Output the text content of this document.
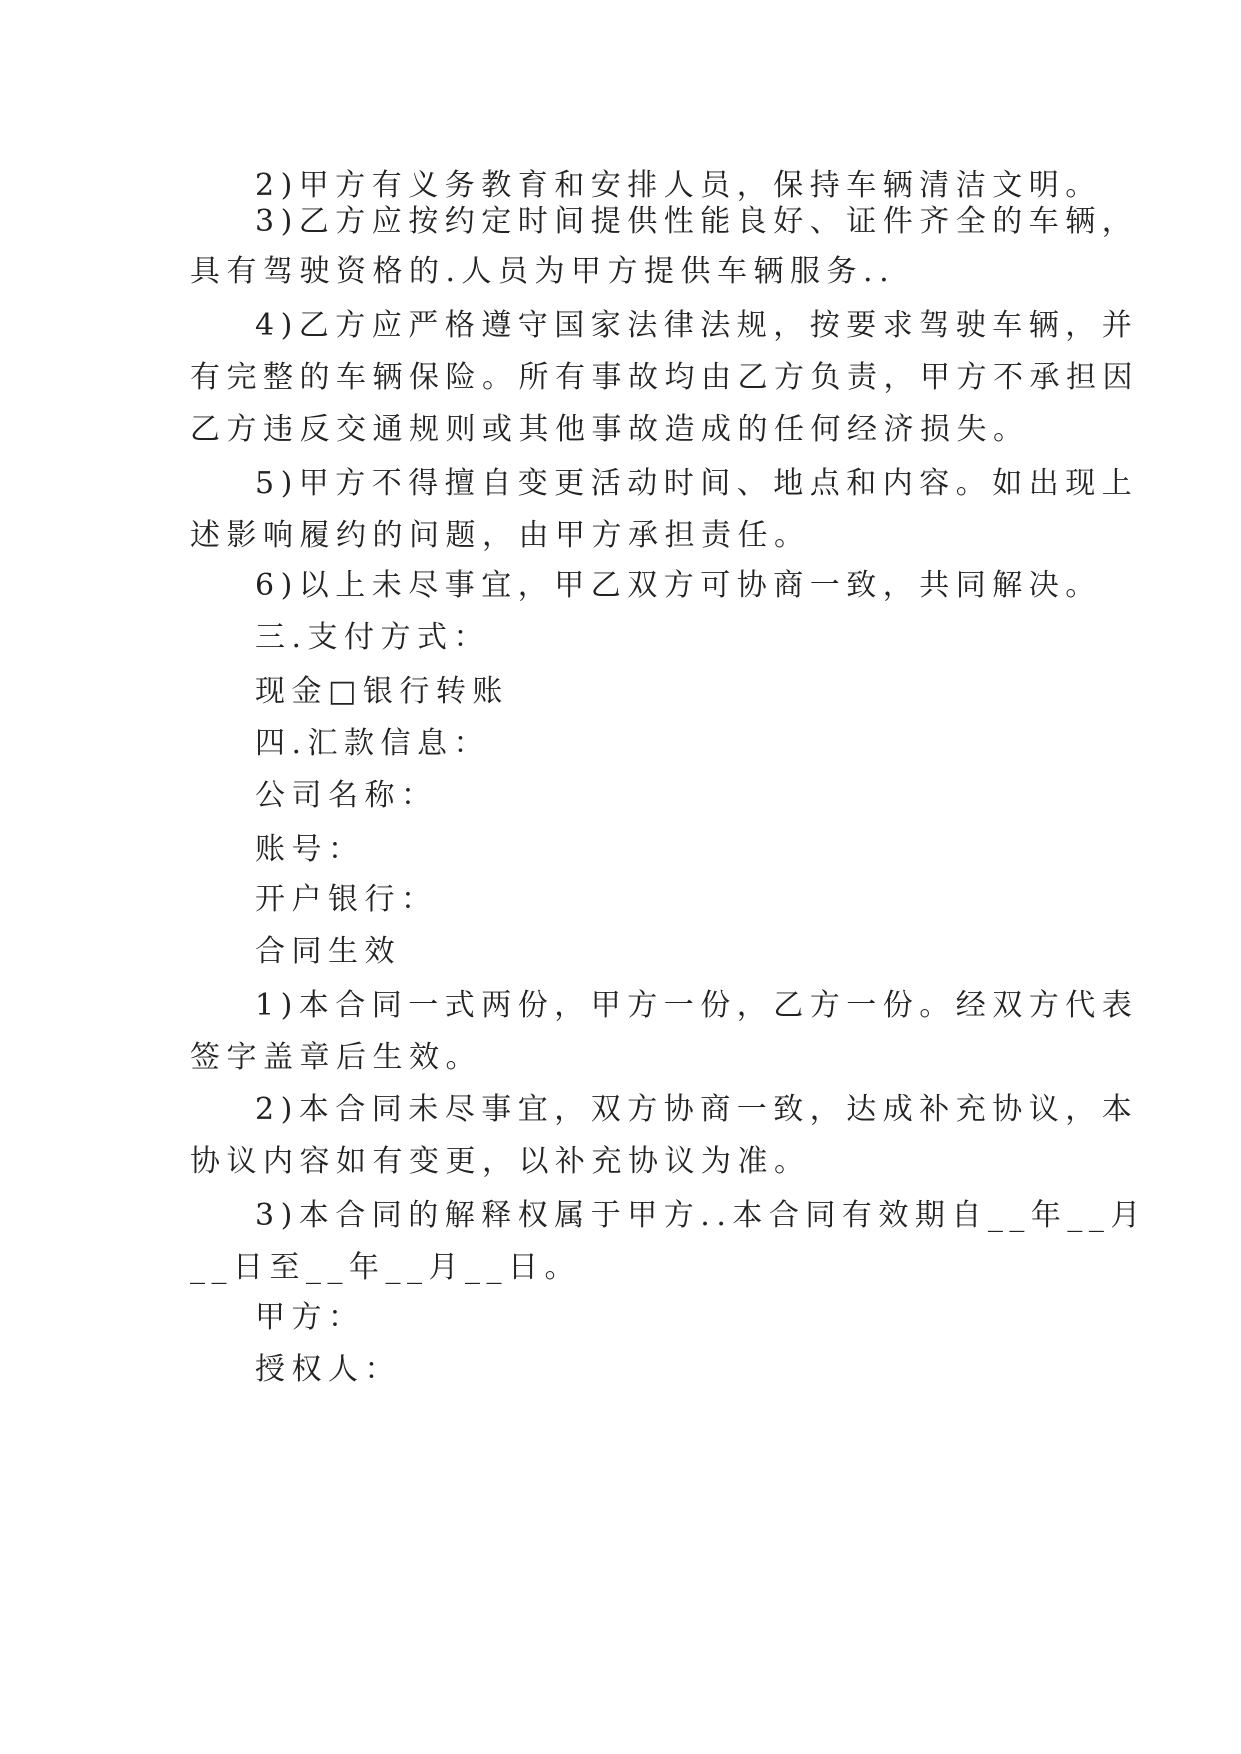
2)甲方有义务教育和安排人员，保持车辆清洁文明。
3)乙方应按约定时间提供性能良好、证件齐全的车辆，
具有驾驶资格的.人员为甲方提供车辆服务..
4)乙方应严格遵守国家法律法规，按要求驾驶车辆，并
有完整的车辆保险。所有事故均由乙方负责，甲方不承担因
乙方违反交通规则或其他事故造成的任何经济损失。
5)甲方不得擅自变更活动时间、地点和内容。如出现上
述影响履约的问题，由甲方承担责任。
6)以上未尽事宜，甲乙双方可协商一致，共同解决。
三.支付方式：
现金□银行转账
四.汇款信息：
公司名称：
账号：
开户银行：
合同生效
1)本合同一式两份，甲方一份，乙方一份。经双方代表
签字盖章后生效。
2)本合同未尽事宜，双方协商一致，达成补充协议，本
协议内容如有变更，以补充协议为准。
3)本合同的解释权属于甲方..本合同有效期自__年__月
__日至__年__月__日。
甲方：
授权人：
